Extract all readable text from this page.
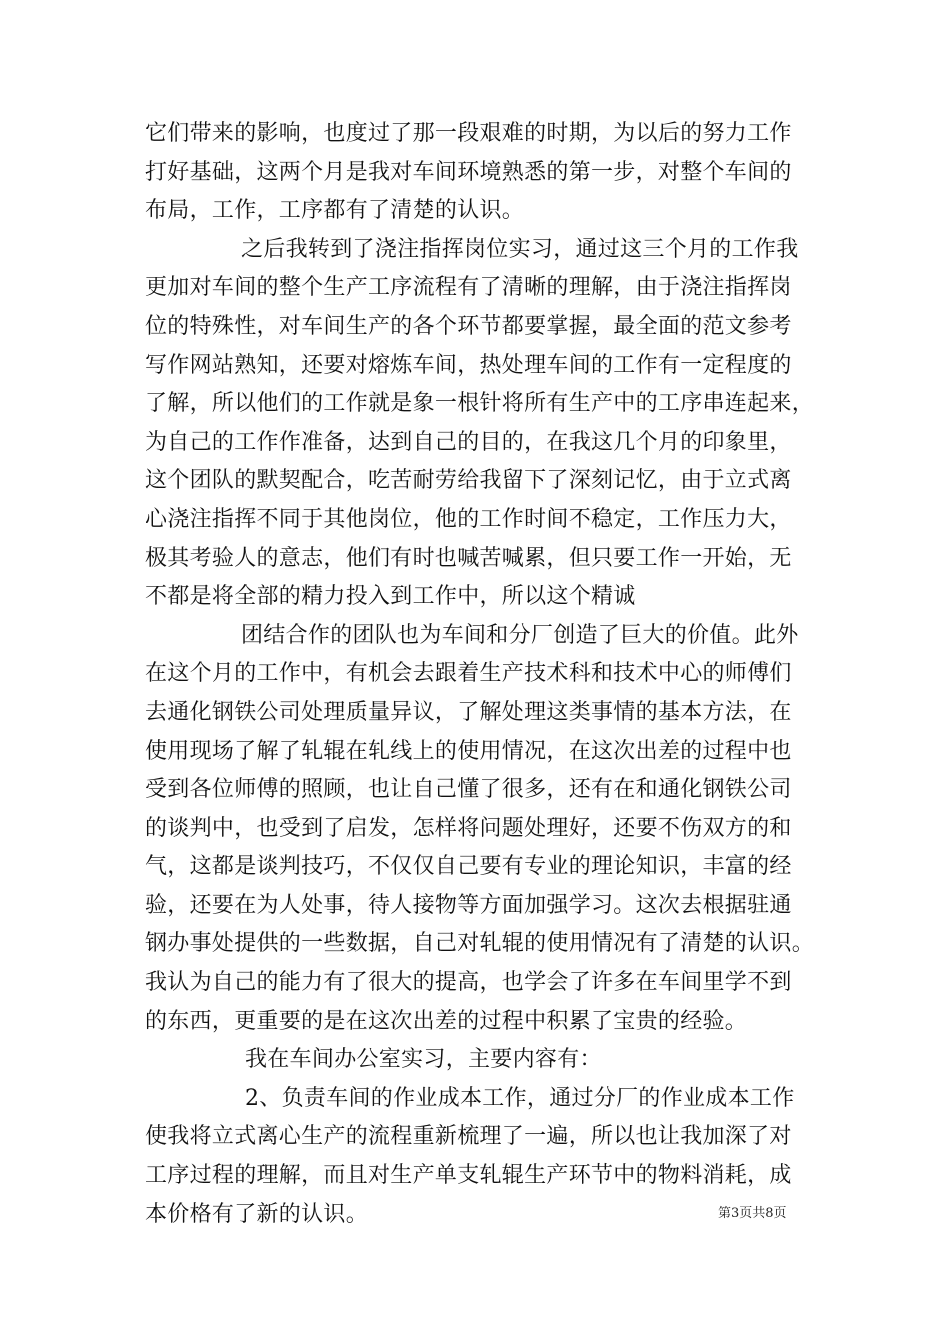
它们带来的影响，也度过了那一段艰难的时期，为以后的努力工作
打好基础，这两个月是我对车间环境熟悉的第一步，对整个车间的
布局，工作，工序都有了清楚的认识。
之后我转到了浇注指挥岗位实习，通过这三个月的工作我
更加对车间的整个生产工序流程有了清晰的理解，由于浇注指挥岗
位的特殊性，对车间生产的各个环节都要掌握，最全面的范文参考
写作网站熟知，还要对熔炼车间，热处理车间的工作有一定程度的
了解，所以他们的工作就是象一根针将所有生产中的工序串连起来，
为自己的工作作准备，达到自己的目的，在我这几个月的印象里，
这个团队的默契配合，吃苦耐劳给我留下了深刻记忆，由于立式离
心浇注指挥不同于其他岗位，他的工作时间不稳定，工作压力大，
极其考验人的意志，他们有时也喊苦喊累，但只要工作一开始，无
不都是将全部的精力投入到工作中，所以这个精诚
团结合作的团队也为车间和分厂创造了巨大的价值。此外
在这个月的工作中，有机会去跟着生产技术科和技术中心的师傅们
去通化钢铁公司处理质量异议，了解处理这类事情的基本方法，在
使用现场了解了轧辊在轧线上的使用情况，在这次出差的过程中也
受到各位师傅的照顾，也让自己懂了很多，还有在和通化钢铁公司
的谈判中，也受到了启发，怎样将问题处理好，还要不伤双方的和
气，这都是谈判技巧，不仅仅自己要有专业的理论知识，丰富的经
验，还要在为人处事，待人接物等方面加强学习。这次去根据驻通
钢办事处提供的一些数据，自己对轧辊的使用情况有了清楚的认识。
我认为自己的能力有了很大的提高，也学会了许多在车间里学不到
的东西，更重要的是在这次出差的过程中积累了宝贵的经验。
我在车间办公室实习，主要内容有：
2、负责车间的作业成本工作，通过分厂的作业成本工作
使我将立式离心生产的流程重新梳理了一遍，所以也让我加深了对
工序过程的理解，而且对生产单支轧辊生产环节中的物料消耗，成
本价格有了新的认识。	第3页共8页
